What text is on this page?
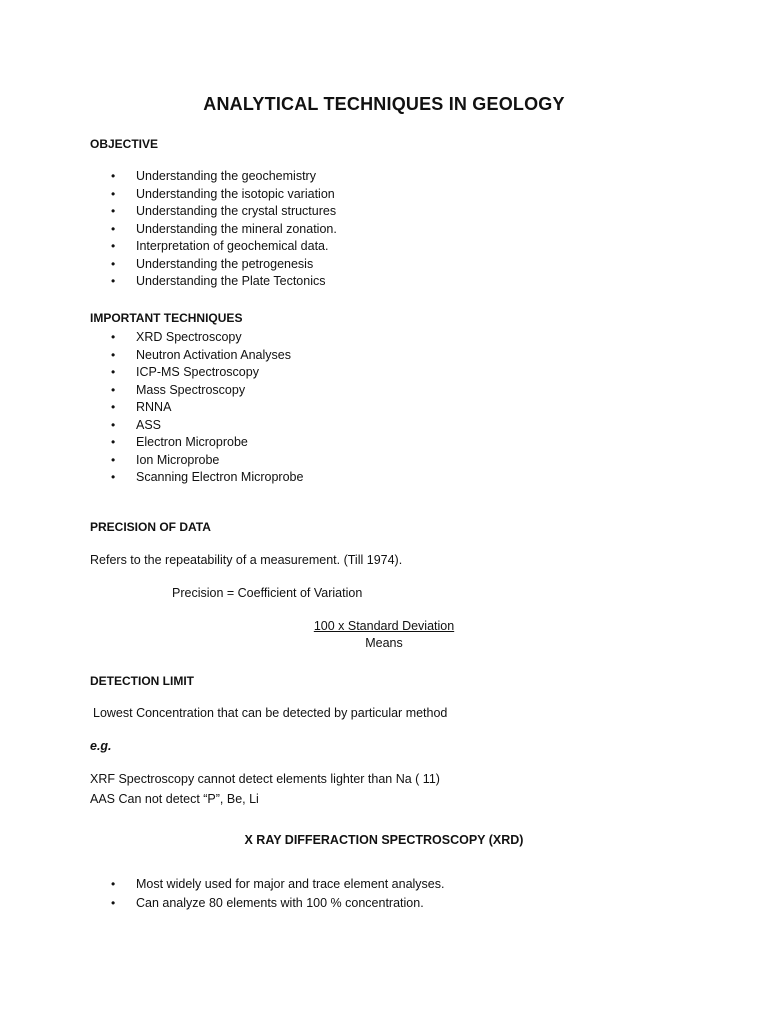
ANALYTICAL TECHNIQUES IN GEOLOGY
OBJECTIVE
• Understanding the geochemistry
• Understanding the isotopic variation
• Understanding the crystal structures
• Understanding the mineral zonation.
• Interpretation of geochemical data.
• Understanding the petrogenesis
• Understanding the Plate Tectonics
IMPORTANT TECHNIQUES
• XRD Spectroscopy
• Neutron Activation Analyses
• ICP-MS Spectroscopy
• Mass Spectroscopy
• RNNA
• ASS
• Electron Microprobe
• Ion Microprobe
• Scanning Electron Microprobe
PRECISION OF DATA
Refers to the repeatability of a measurement. (Till 1974).
Precision = Coefficient of Variation
100 x Standard Deviation
Means
DETECTION LIMIT
Lowest Concentration that can be detected by particular method
e.g.
XRF Spectroscopy cannot detect elements lighter than Na ( 11)
AAS Can not detect “P”, Be, Li
X RAY DIFFERACTION SPECTROSCOPY (XRD)
• Most widely used for major and trace element analyses.
• Can analyze 80 elements with 100 % concentration.
